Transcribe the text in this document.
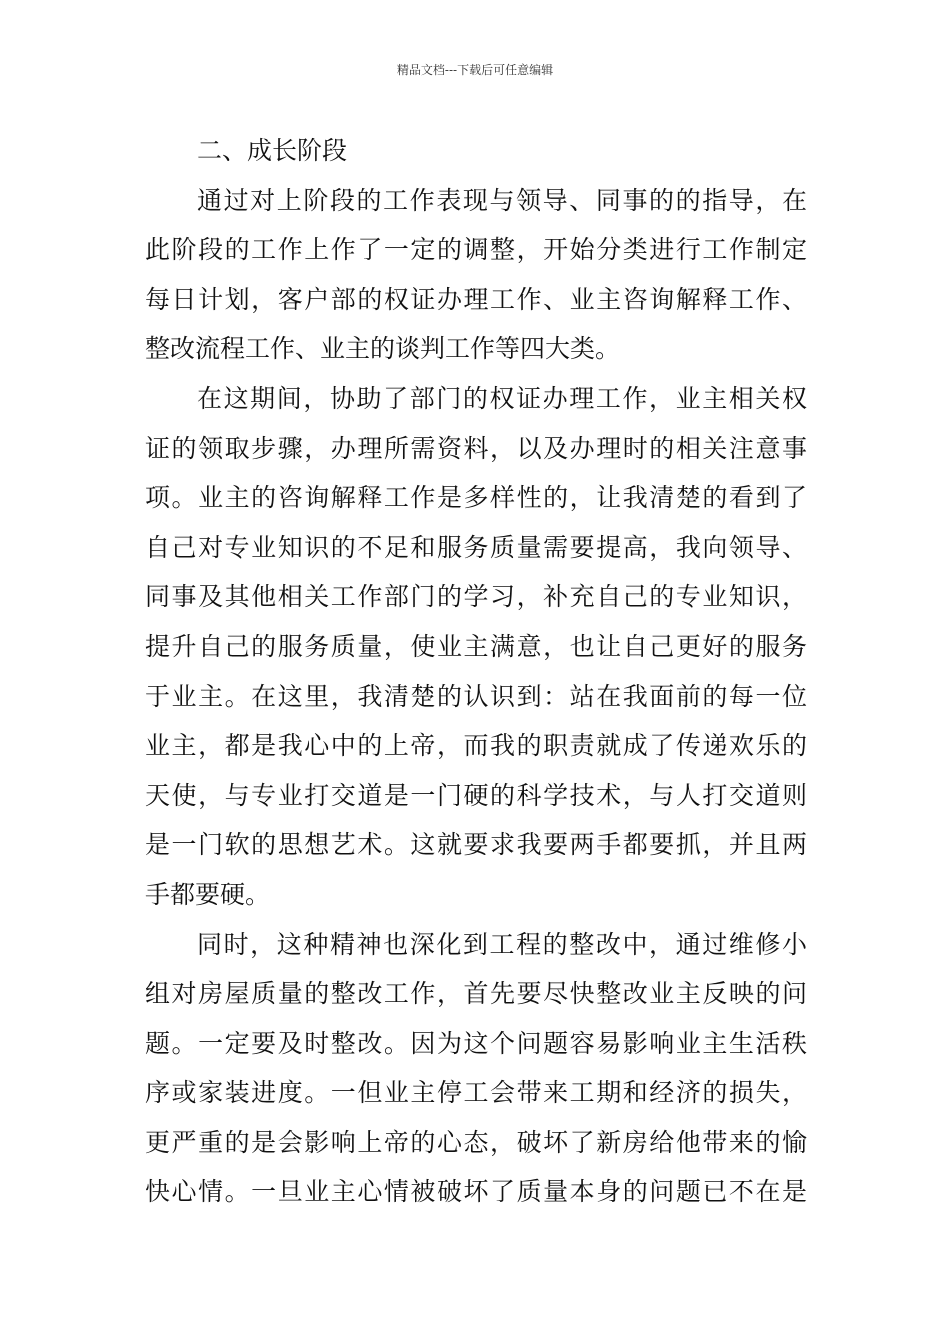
精品文档---下载后可任意编辑
二、成长阶段
通过对上阶段的工作表现与领导、同事的的指导，在
此阶段的工作上作了一定的调整，开始分类进行工作制定
每日计划，客户部的权证办理工作、业主咨询解释工作、
整改流程工作、业主的谈判工作等四大类。
在这期间，协助了部门的权证办理工作，业主相关权
证的领取步骤，办理所需资料，以及办理时的相关注意事
项。业主的咨询解释工作是多样性的，让我清楚的看到了
自己对专业知识的不足和服务质量需要提高，我向领导、
同事及其他相关工作部门的学习，补充自己的专业知识，
提升自己的服务质量，使业主满意，也让自己更好的服务
于业主。在这里，我清楚的认识到：站在我面前的每一位
业主，都是我心中的上帝，而我的职责就成了传递欢乐的
天使，与专业打交道是一门硬的科学技术，与人打交道则
是一门软的思想艺术。这就要求我要两手都要抓，并且两
手都要硬。
同时，这种精神也深化到工程的整改中，通过维修小
组对房屋质量的整改工作，首先要尽快整改业主反映的问
题。一定要及时整改。因为这个问题容易影响业主生活秩
序或家装进度。一但业主停工会带来工期和经济的损失，
更严重的是会影响上帝的心态，破坏了新房给他带来的愉
快心情。一旦业主心情被破坏了质量本身的问题已不在是
